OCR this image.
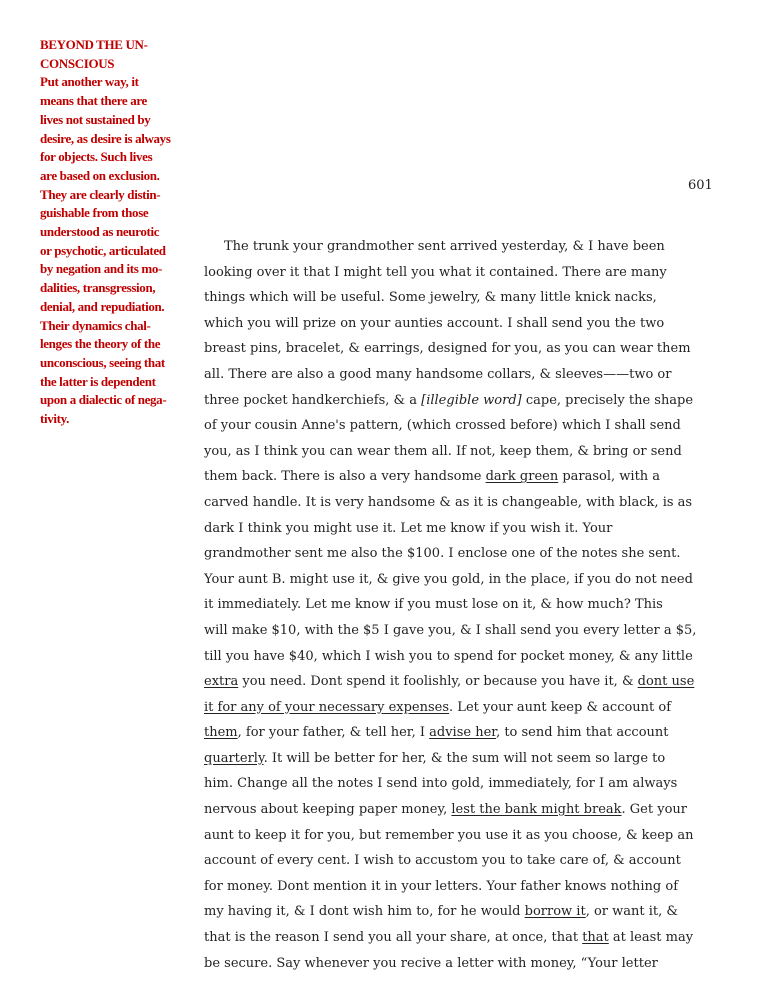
BEYOND THE UN-
CONSCIOUS
Put another way, it
means that there are
lives not sustained by
desire, as desire is always
for objects. Such lives
are based on exclusion.
They are clearly distin-
guishable from those
understood as neurotic
or psychotic, articulated
by negation and its mo-
dalities, transgression,
denial, and repudiation.
Their dynamics chal-
lenges the theory of the
unconscious, seeing that
the latter is dependent
upon a dialectic of nega-
tivity.
601
The trunk your grandmother sent arrived yesterday, & I have been
looking over it that I might tell you what it contained. There are many
things which will be useful. Some jewelry, & many little knick nacks,
which you will prize on your aunties account. I shall send you the two
breast pins, bracelet, & earrings, designed for you, as you can wear them
all. There are also a good many handsome collars, & sleeves——two or
three pocket handkerchiefs, & a [illegible word] cape, precisely the shape
of your cousin Anne's pattern, (which crossed before) which I shall send
you, as I think you can wear them all. If not, keep them, & bring or send
them back. There is also a very handsome dark green parasol, with a
carved handle. It is very handsome & as it is changeable, with black, is as
dark I think you might use it. Let me know if you wish it. Your
grandmother sent me also the $100. I enclose one of the notes she sent.
Your aunt B. might use it, & give you gold, in the place, if you do not need
it immediately. Let me know if you must lose on it, & how much? This
will make $10, with the $5 I gave you, & I shall send you every letter a $5,
till you have $40, which I wish you to spend for pocket money, & any little
extra you need. Dont spend it foolishly, or because you have it, & dont use
it for any of your necessary expenses. Let your aunt keep & account of
them, for your father, & tell her, I advise her, to send him that account
quarterly. It will be better for her, & the sum will not seem so large to
him. Change all the notes I send into gold, immediately, for I am always
nervous about keeping paper money, lest the bank might break. Get your
aunt to keep it for you, but remember you use it as you choose, & keep an
account of every cent. I wish to accustom you to take care of, & account
for money. Dont mention it in your letters. Your father knows nothing of
my having it, & I dont wish him to, for he would borrow it, or want it, &
that is the reason I send you all your share, at once, that that at least may
be secure. Say whenever you recive a letter with money, “Your letter
